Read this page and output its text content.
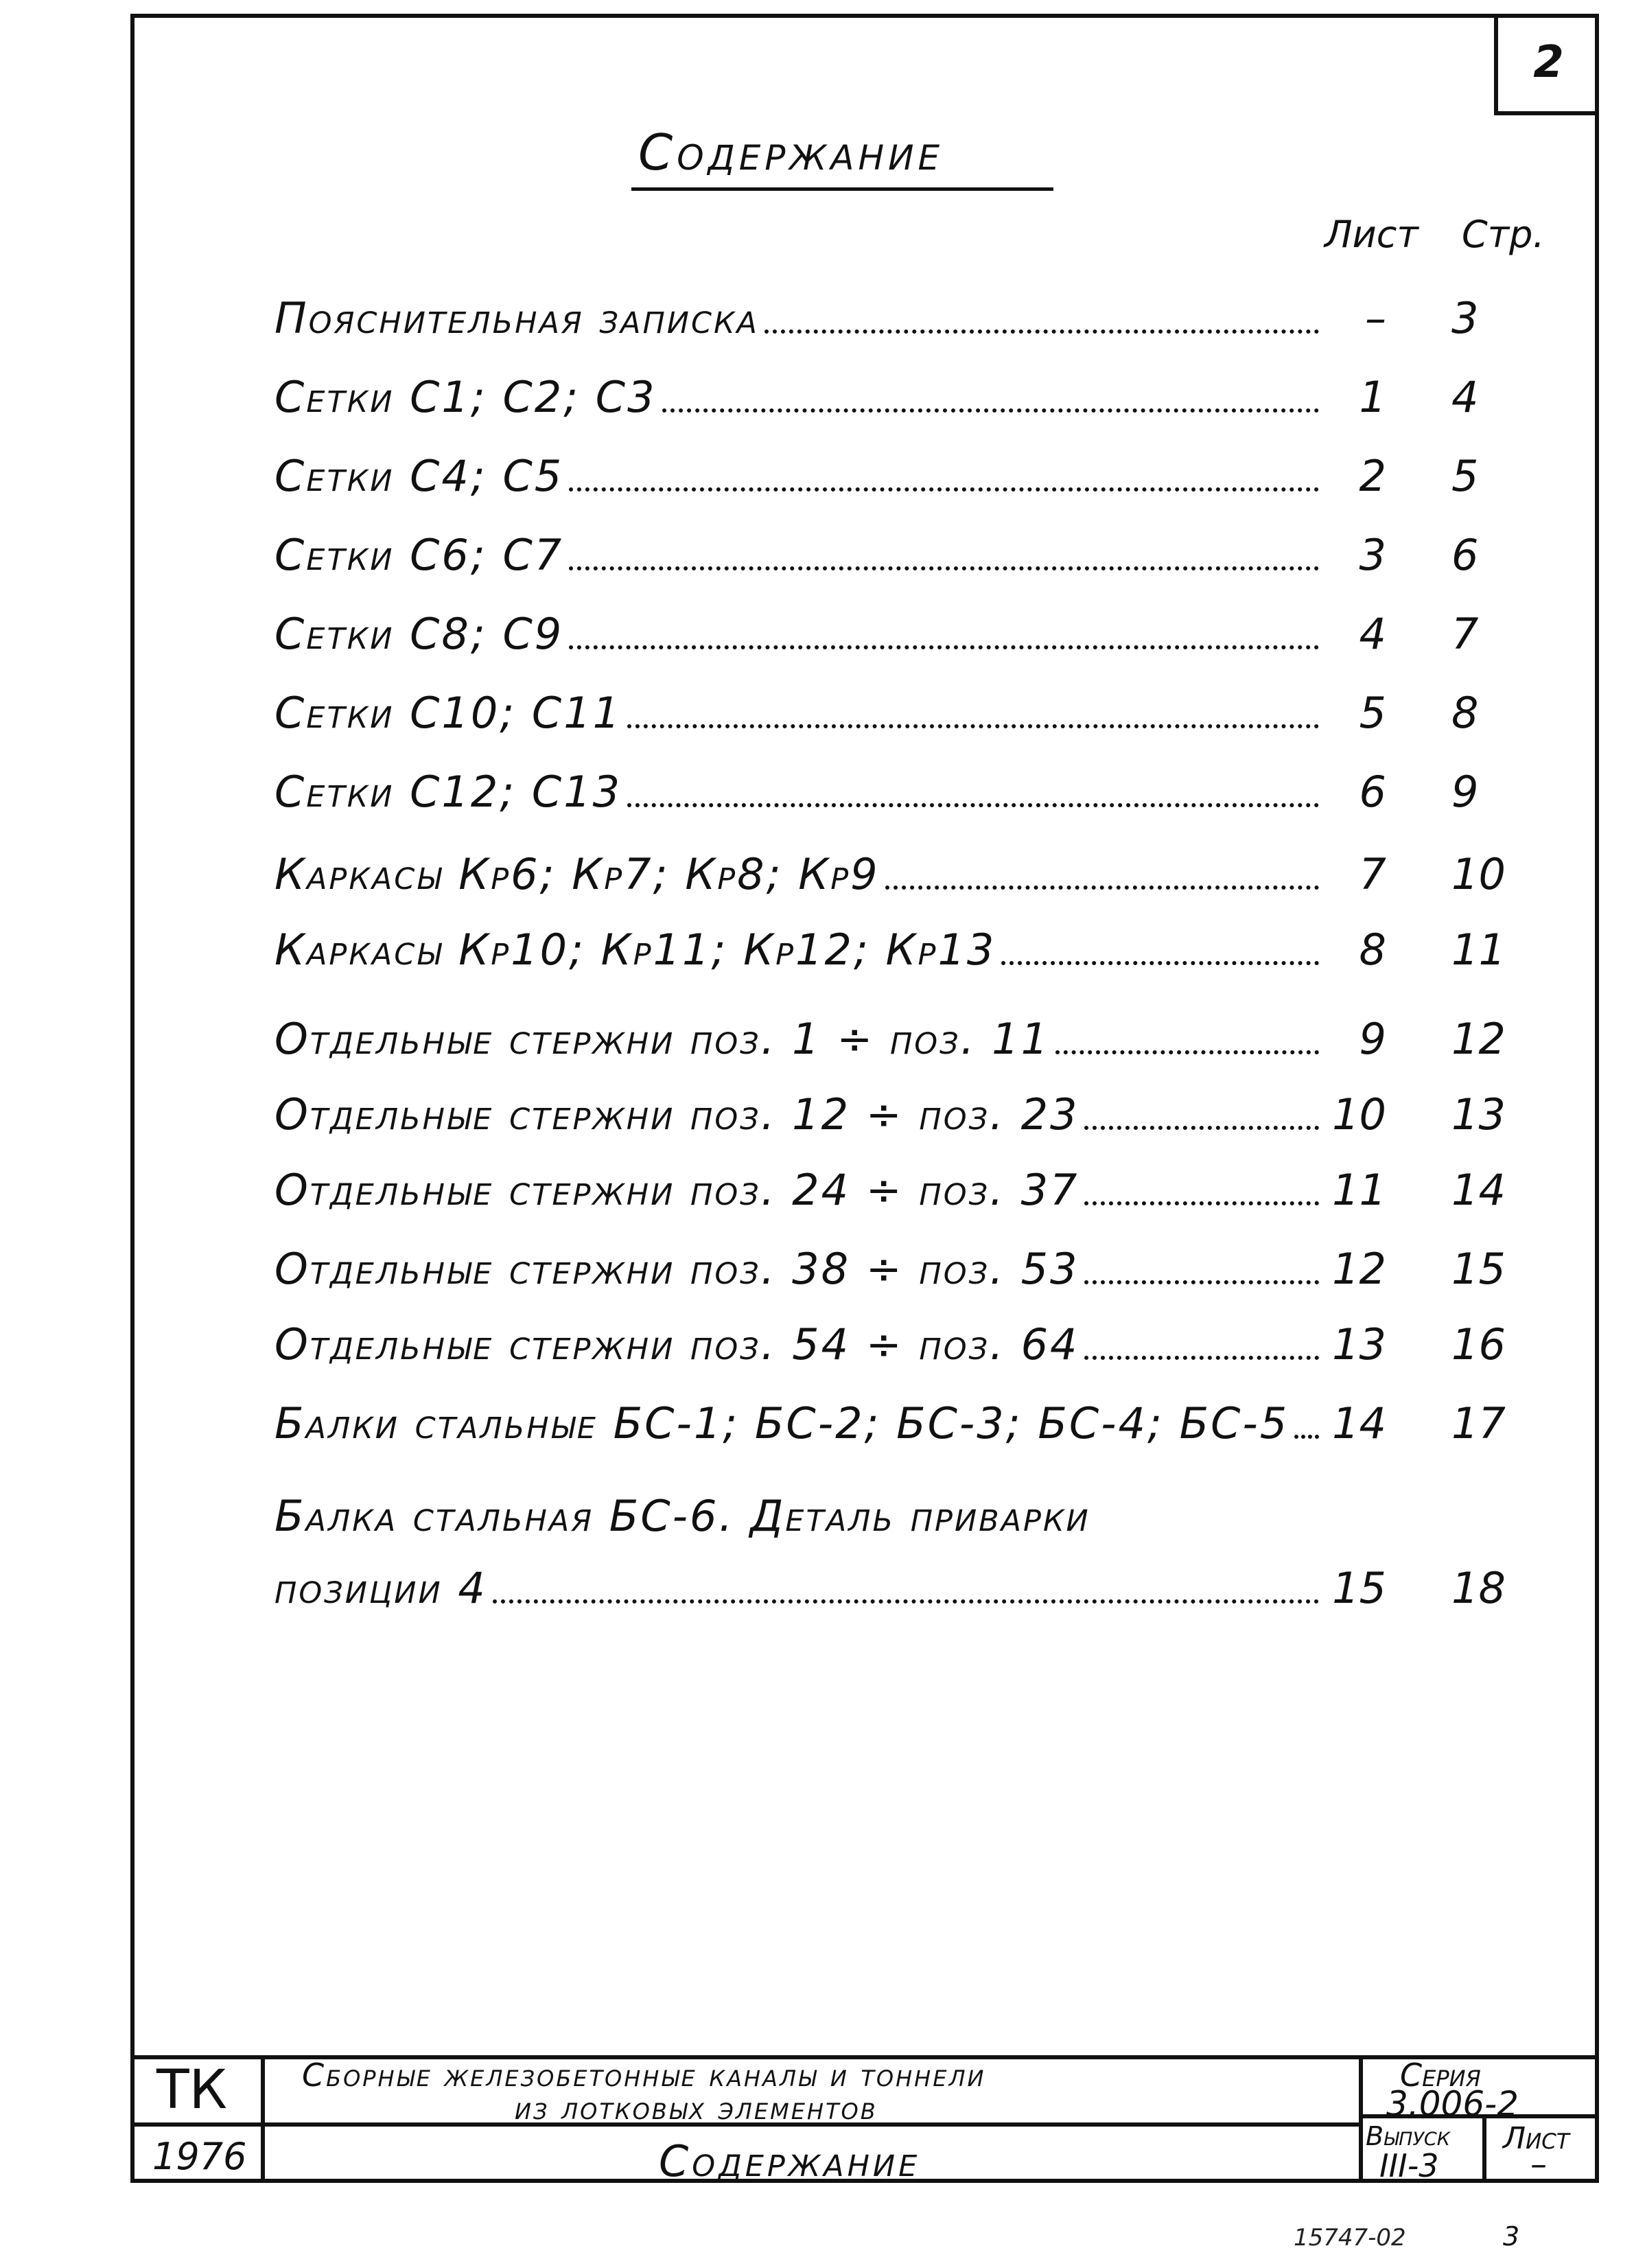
2
Содержание
Лист Стр.
Пояснительная записка	– 3
Сетки С1; С2; С3	1 4
Сетки С4; С5	2 5
Сетки С6; С7	3 6
Сетки С8; С9	4 7
Сетки С10; С11	5 8
Сетки С12; С13	6 9
Каркасы Кр6; Кр7; Кр8; Кр9	7 10
Каркасы Кр10; Кр11; Кр12; Кр13	8 11
Отдельные стержни поз. 1 ÷ поз. 11	9 12
Отдельные стержни поз. 12 ÷ поз. 23	10 13
Отдельные стержни поз. 24 ÷ поз. 37	11 14
Отдельные стержни поз. 38 ÷ поз. 53	12 15
Отдельные стержни поз. 54 ÷ поз. 64	13 16
Балки стальные БС-1; БС-2; БС-3; БС-4; БС-5 14 17
Балка стальная БС-6. Деталь приварки
позиции 4	15 18
ТК
1976
Сборные железобетонные каналы и тоннели
из лотковых элементов
Содержание
Серия
3.006-2
Выпуск
III-3
Лист
–
15747-02	3
